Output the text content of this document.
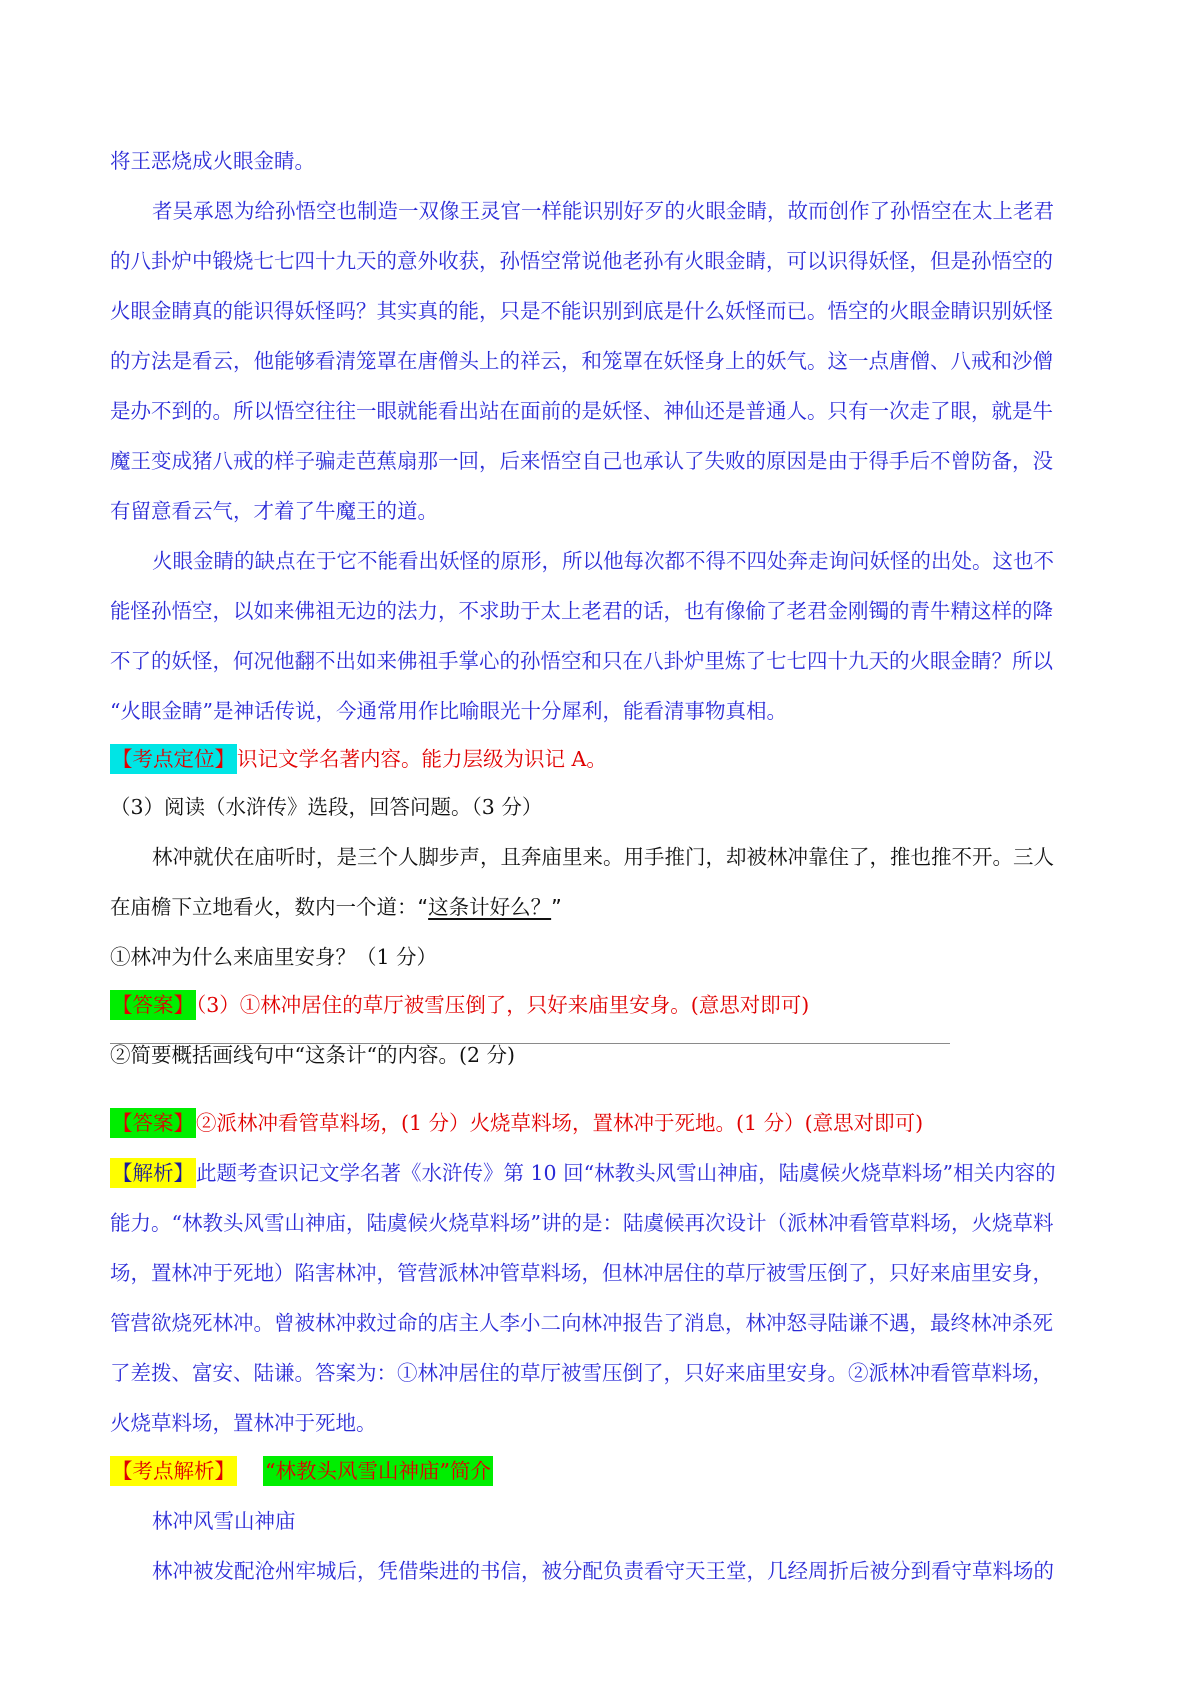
将王恶烧成火眼金睛。
者吴承恩为给孙悟空也制造一双像王灵官一样能识别好歹的火眼金睛，故而创作了孙悟空在太上老君
的八卦炉中锻烧七七四十九天的意外收获，孙悟空常说他老孙有火眼金睛，可以识得妖怪，但是孙悟空的
火眼金睛真的能识得妖怪吗？其实真的能，只是不能识别到底是什么妖怪而已。悟空的火眼金睛识别妖怪
的方法是看云，他能够看清笼罩在唐僧头上的祥云，和笼罩在妖怪身上的妖气。这一点唐僧、八戒和沙僧
是办不到的。所以悟空往往一眼就能看出站在面前的是妖怪、神仙还是普通人。只有一次走了眼，就是牛
魔王变成猪八戒的样子骗走芭蕉扇那一回，后来悟空自己也承认了失败的原因是由于得手后不曾防备，没
有留意看云气，才着了牛魔王的道。
火眼金睛的缺点在于它不能看出妖怪的原形，所以他每次都不得不四处奔走询问妖怪的出处。这也不
能怪孙悟空，以如来佛祖无边的法力，不求助于太上老君的话，也有像偷了老君金刚镯的青牛精这样的降
不了的妖怪，何况他翻不出如来佛祖手掌心的孙悟空和只在八卦炉里炼了七七四十九天的火眼金睛？所以
“火眼金睛”是神话传说，今通常用作比喻眼光十分犀利，能看清事物真相。
【考点定位】识记文学名著内容。能力层级为识记 A。
（3）阅读（水浒传》选段，回答问题。（3 分）
林冲就伏在庙听时，是三个人脚步声，且奔庙里来。用手推门，却被林冲靠住了，推也推不开。三人
在庙檐下立地看火，数内一个道：“这条计好么？”
①林冲为什么来庙里安身？（1 分）
【答案】（3）①林冲居住的草厅被雪压倒了，只好来庙里安身。(意思对即可)
②简要概括画线句中“这条计“的内容。(2 分)
【答案】②派林冲看管草料场，(1 分）火烧草料场，置林冲于死地。(1 分）(意思对即可)
【解析】此题考查识记文学名著《水浒传》第 10 回“林教头风雪山神庙，陆虞候火烧草料场”相关内容的
能力。“林教头风雪山神庙，陆虞候火烧草料场”讲的是：陆虞候再次设计（派林冲看管草料场，火烧草料
场，置林冲于死地）陷害林冲，管营派林冲管草料场，但林冲居住的草厅被雪压倒了，只好来庙里安身，
管营欲烧死林冲。曾被林冲救过命的店主人李小二向林冲报告了消息，林冲怒寻陆谦不遇，最终林冲杀死
了差拨、富安、陆谦。答案为：①林冲居住的草厅被雪压倒了，只好来庙里安身。②派林冲看管草料场，
火烧草料场，置林冲于死地。
【考点解析】 “林教头风雪山神庙”简介
林冲风雪山神庙
林冲被发配沧州牢城后，凭借柴进的书信，被分配负责看守天王堂，几经周折后被分到看守草料场的
